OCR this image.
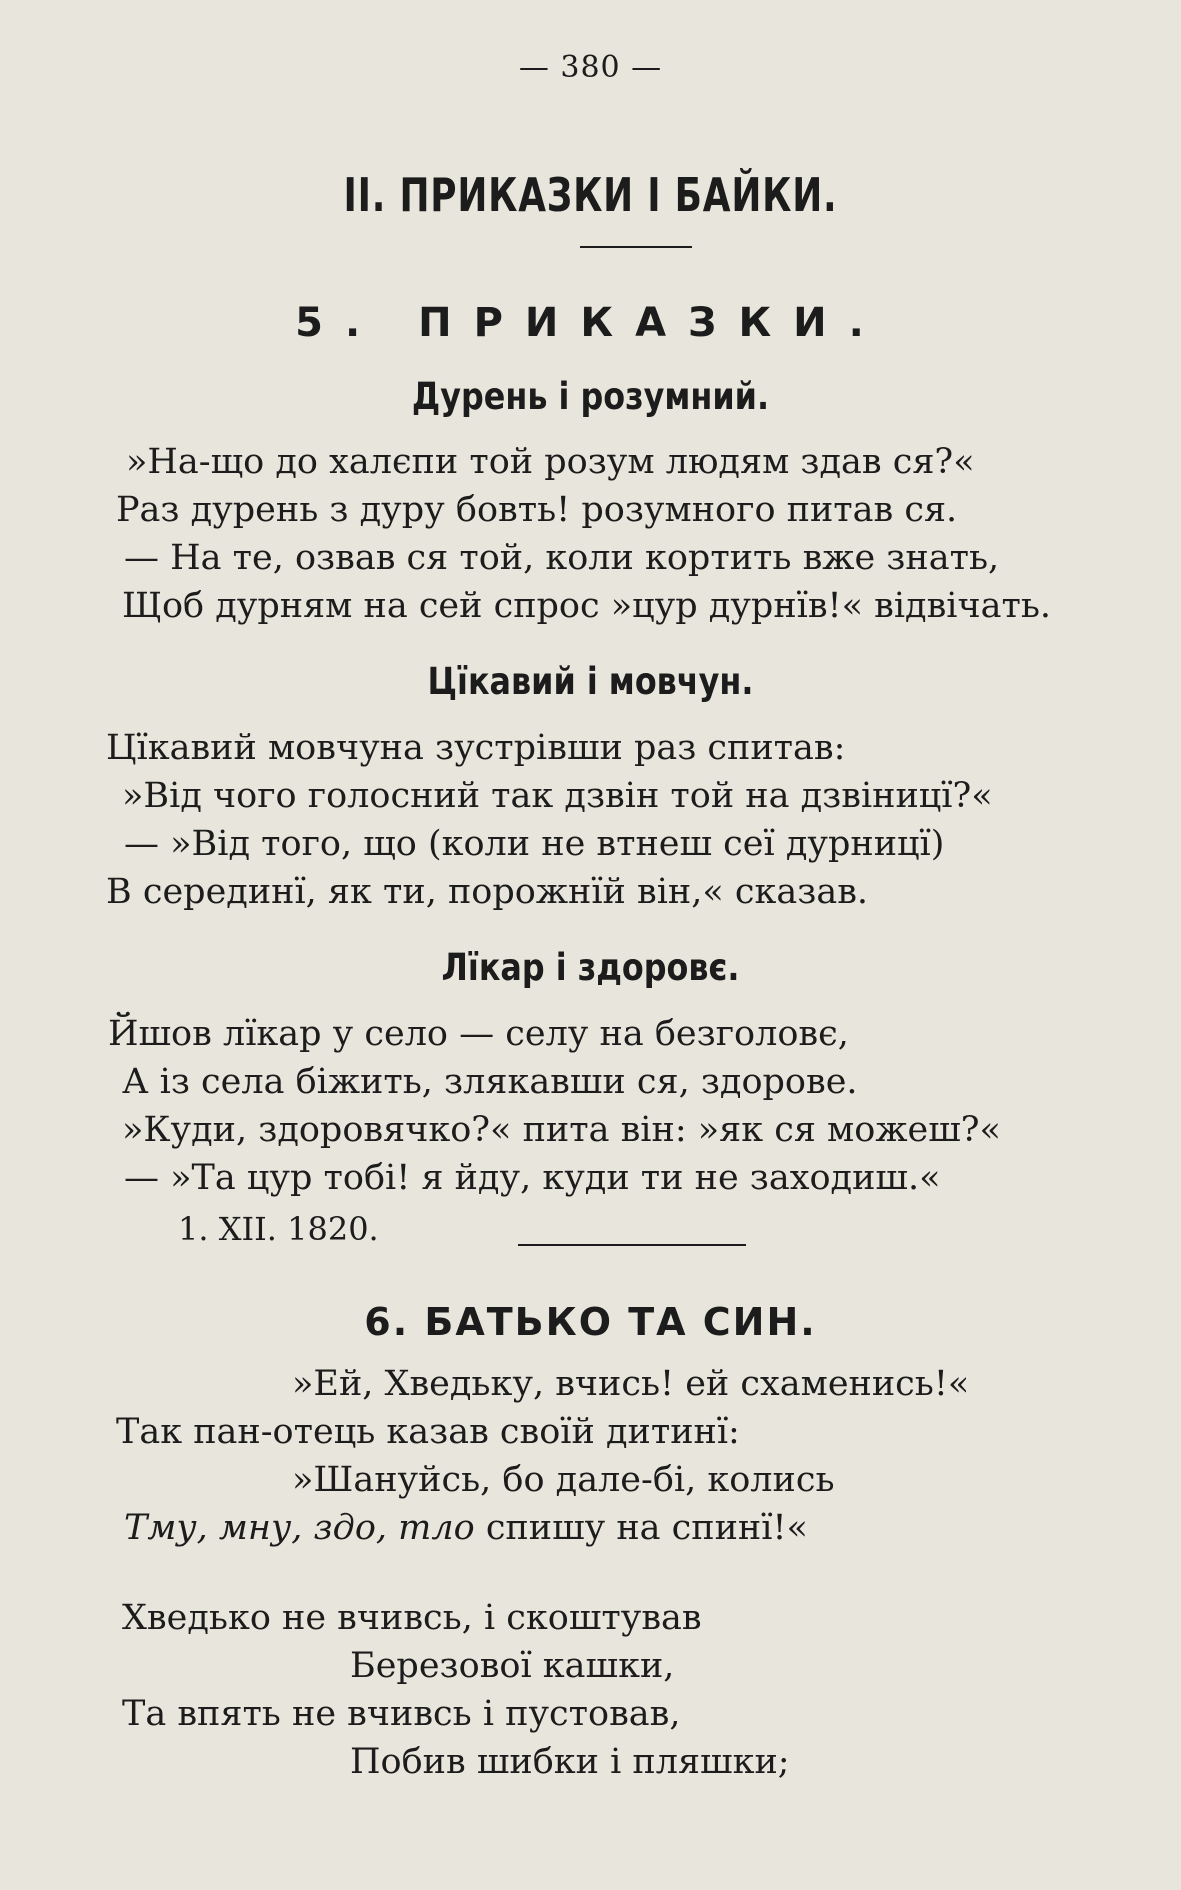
— 380 —
II. ПРИКАЗКИ І БАЙКИ.
5. ПРИКАЗКИ.
Дурень і розумний.
»На-що до халєпи той розум людям здав ся?«
Раз дурень з дуру бовть! розумного питав ся.
— На те, озвав ся той, коли кортить вже знать,
Щоб дурням на сей спрос »цур дурнїв!« відвічать.
Цїкавий і мовчун.
Цїкавий мовчуна зустрівши раз спитав:
»Від чого голосний так дзвін той на дзвіницї?«
— »Від того, що (коли не втнеш сеї дурницї)
В серединї, як ти, порожнїй він,« сказав.
Лїкар і здоровє.
Йшов лїкар у село — селу на безголовє,
А із села біжить, злякавши ся, здорове.
»Куди, здоровячко?« пита він: »як ся можеш?«
— »Та цур тобі! я йду, куди ти не заходиш.«
1. XII. 1820.
6. БАТЬКО ТА СИН.
»Ей, Хведьку, вчись! ей схаменись!«
Так пан-отець казав своїй дитинї:
»Шануйсь, бо дале-бі, колись
Тму, мну, здо, тло спишу на спинї!«
Хведько не вчивсь, і скоштував
Березової кашки,
Та впять не вчивсь і пустовав,
Побив шибки і пляшки;
